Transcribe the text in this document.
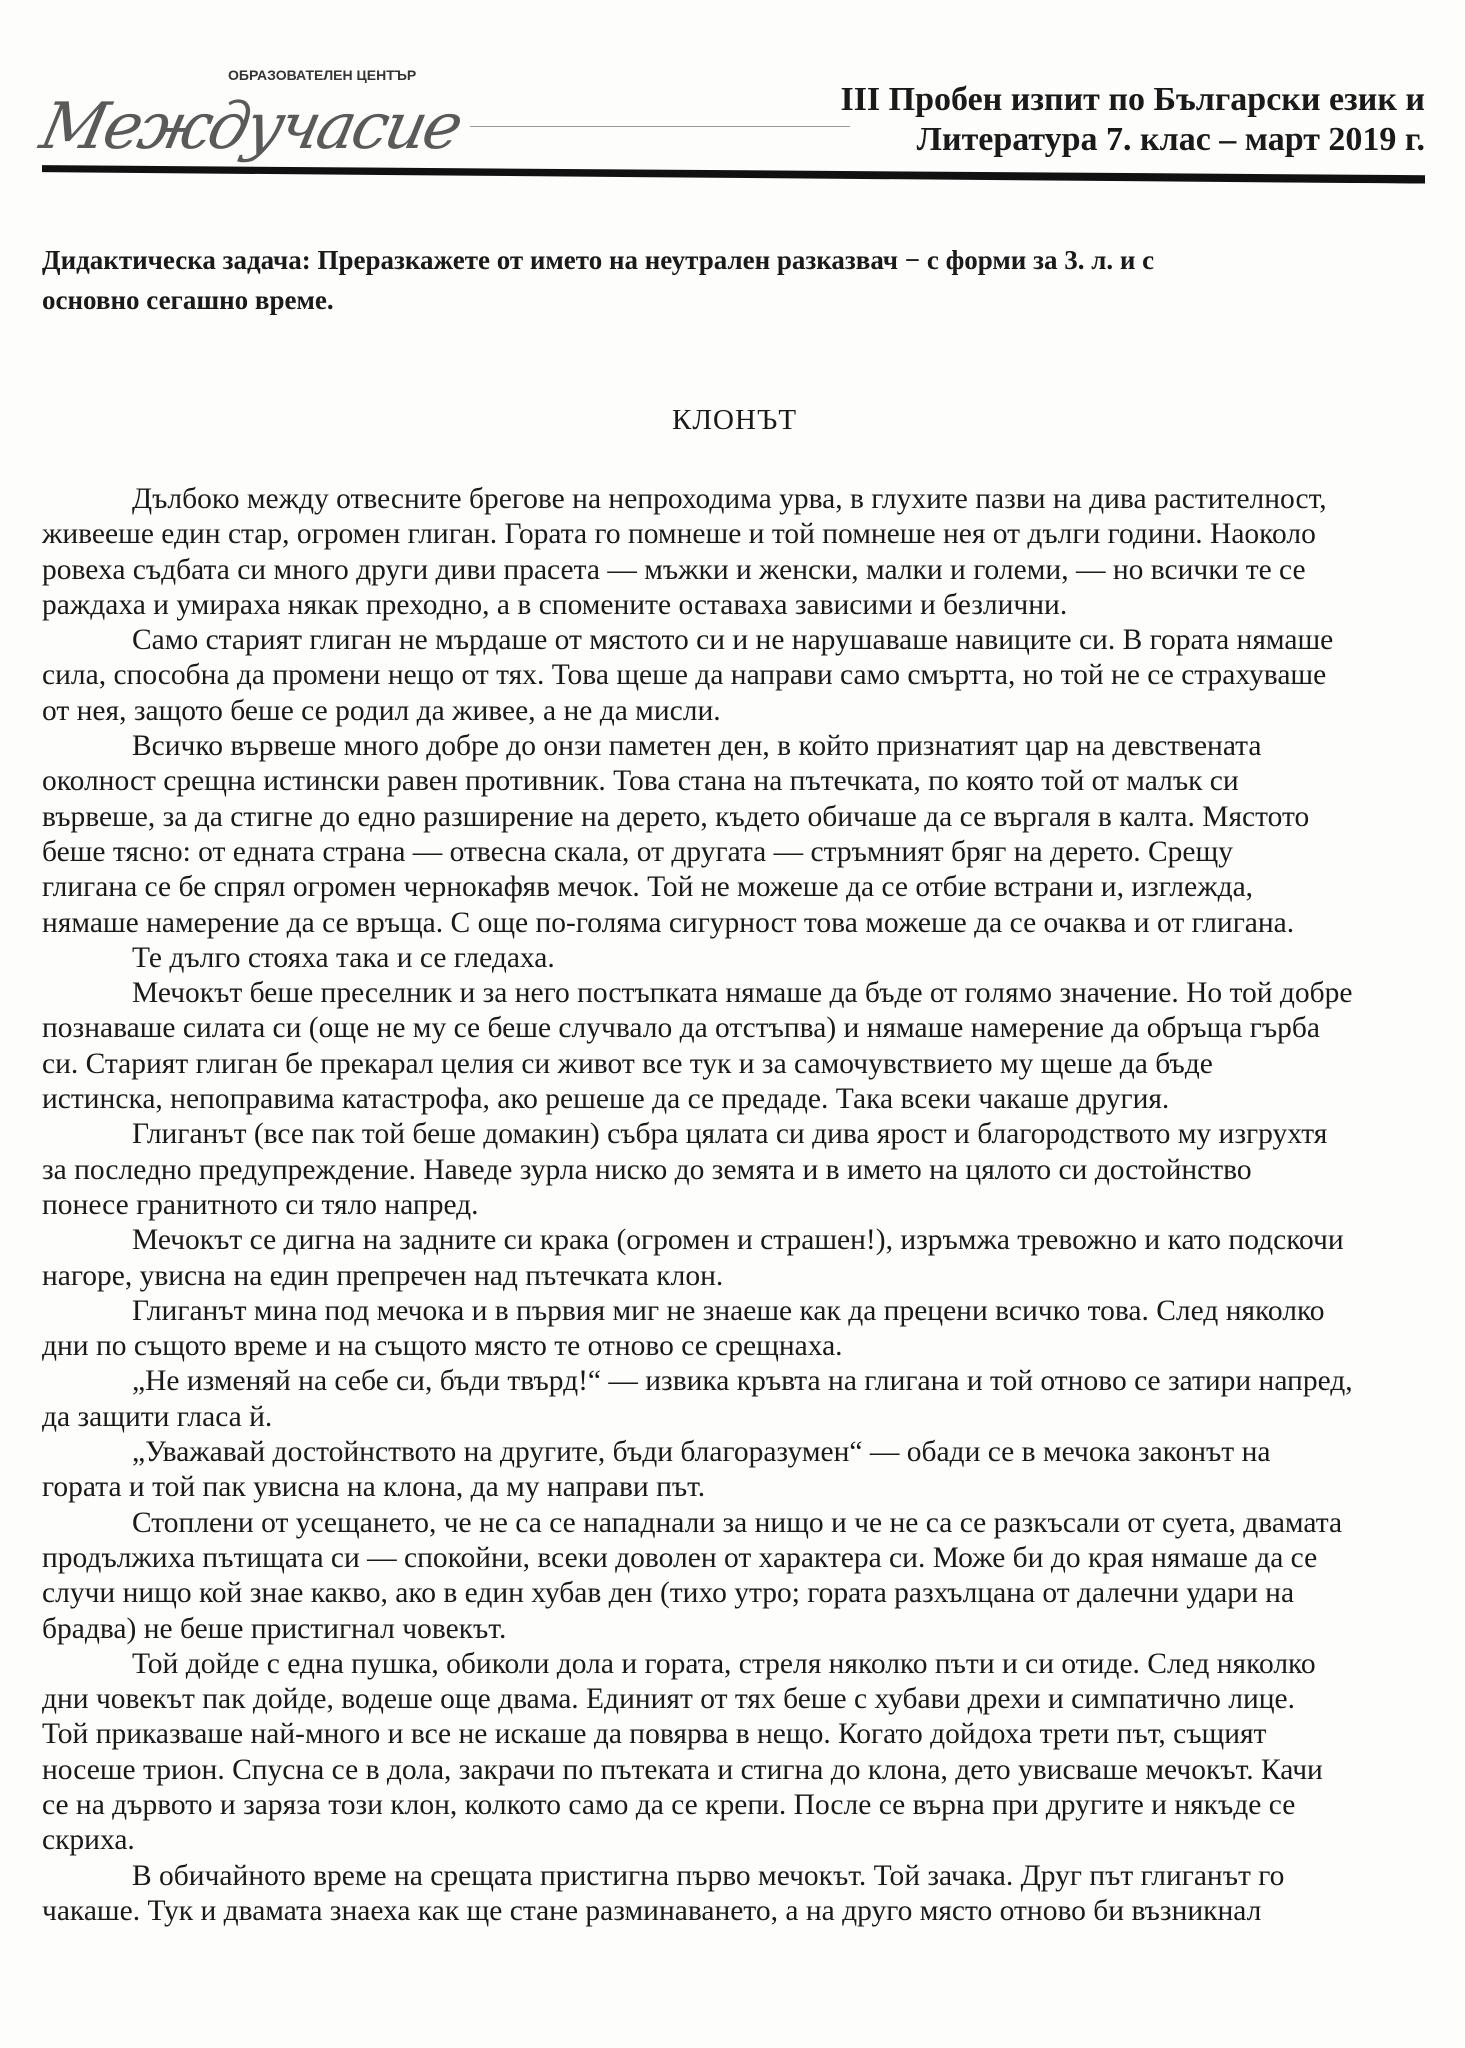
ОБРАЗОВАТЕЛЕН ЦЕНТЪР
Междучасие	III Пробен изпит по Български език и
Литература 7. клас – март 2019 г.
Дидактическа задача: Преразкажете от името на неутрален разказвач − с форми за 3. л. и с
основно сегашно време.
КЛОНЪТ
Дълбоко между отвесните брегове на непроходима урва, в глухите пазви на дива растителност,
живееше един стар, огромен глиган. Гората го помнеше и той помнеше нея от дълги години. Наоколо
ровеха съдбата си много други диви прасета — мъжки и женски, малки и големи, — но всички те се
раждаха и умираха някак преходно, а в спомените оставаха зависими и безлични.
Само старият глиган не мърдаше от мястото си и не нарушаваше навиците си. В гората нямаше
сила, способна да промени нещо от тях. Това щеше да направи само смъртта, но той не се страхуваше
от нея, защото беше се родил да живее, а не да мисли.
Всичко вървеше много добре до онзи паметен ден, в който признатият цар на девствената
околност срещна истински равен противник. Това стана на пътечката, по която той от малък си
вървеше, за да стигне до едно разширение на дерето, където обичаше да се въргаля в калта. Мястото
беше тясно: от едната страна — отвесна скала, от другата — стръмният бряг на дерето. Срещу
глигана се бе спрял огромен чернокафяв мечок. Той не можеше да се отбие встрани и, изглежда,
нямаше намерение да се връща. С още по-голяма сигурност това можеше да се очаква и от глигана.
Те дълго стояха така и се гледаха.
Мечокът беше преселник и за него постъпката нямаше да бъде от голямо значение. Но той добре
познаваше силата си (още не му се беше случвало да отстъпва) и нямаше намерение да обръща гърба
си. Старият глиган бе прекарал целия си живот все тук и за самочувствието му щеше да бъде
истинска, непоправима катастрофа, ако решеше да се предаде. Така всеки чакаше другия.
Глиганът (все пак той беше домакин) събра цялата си дива ярост и благородството му изгрухтя
за последно предупреждение. Наведе зурла ниско до земята и в името на цялото си достойнство
понесе гранитното си тяло напред.
Мечокът се дигна на задните си крака (огромен и страшен!), изръмжа тревожно и като подскочи
нагоре, увисна на един препречен над пътечката клон.
Глиганът мина под мечока и в първия миг не знаеше как да прецени всичко това. След няколко
дни по същото време и на същото място те отново се срещнаха.
„Не изменяй на себе си, бъди твърд!“ — извика кръвта на глигана и той отново се затири напред,
да защити гласа й.
„Уважавай достойнството на другите, бъди благоразумен“ — обади се в мечока законът на
гората и той пак увисна на клона, да му направи път.
Стоплени от усещането, че не са се нападнали за нищо и че не са се разкъсали от суета, двамата
продължиха пътищата си — спокойни, всеки доволен от характера си. Може би до края нямаше да се
случи нищо кой знае какво, ако в един хубав ден (тихо утро; гората разхълцана от далечни удари на
брадва) не беше пристигнал човекът.
Той дойде с една пушка, обиколи дола и гората, стреля няколко пъти и си отиде. След няколко
дни човекът пак дойде, водеше още двама. Единият от тях беше с хубави дрехи и симпатично лице.
Той приказваше най-много и все не искаше да повярва в нещо. Когато дойдоха трети път, същият
носеше трион. Спусна се в дола, закрачи по пътеката и стигна до клона, дето увисваше мечокът. Качи
се на дървото и заряза този клон, колкото само да се крепи. После се върна при другите и някъде се
скриха.
В обичайното време на срещата пристигна първо мечокът. Той зачака. Друг път глиганът го
чакаше. Тук и двамата знаеха как ще стане разминаването, а на друго място отново би възникнал
